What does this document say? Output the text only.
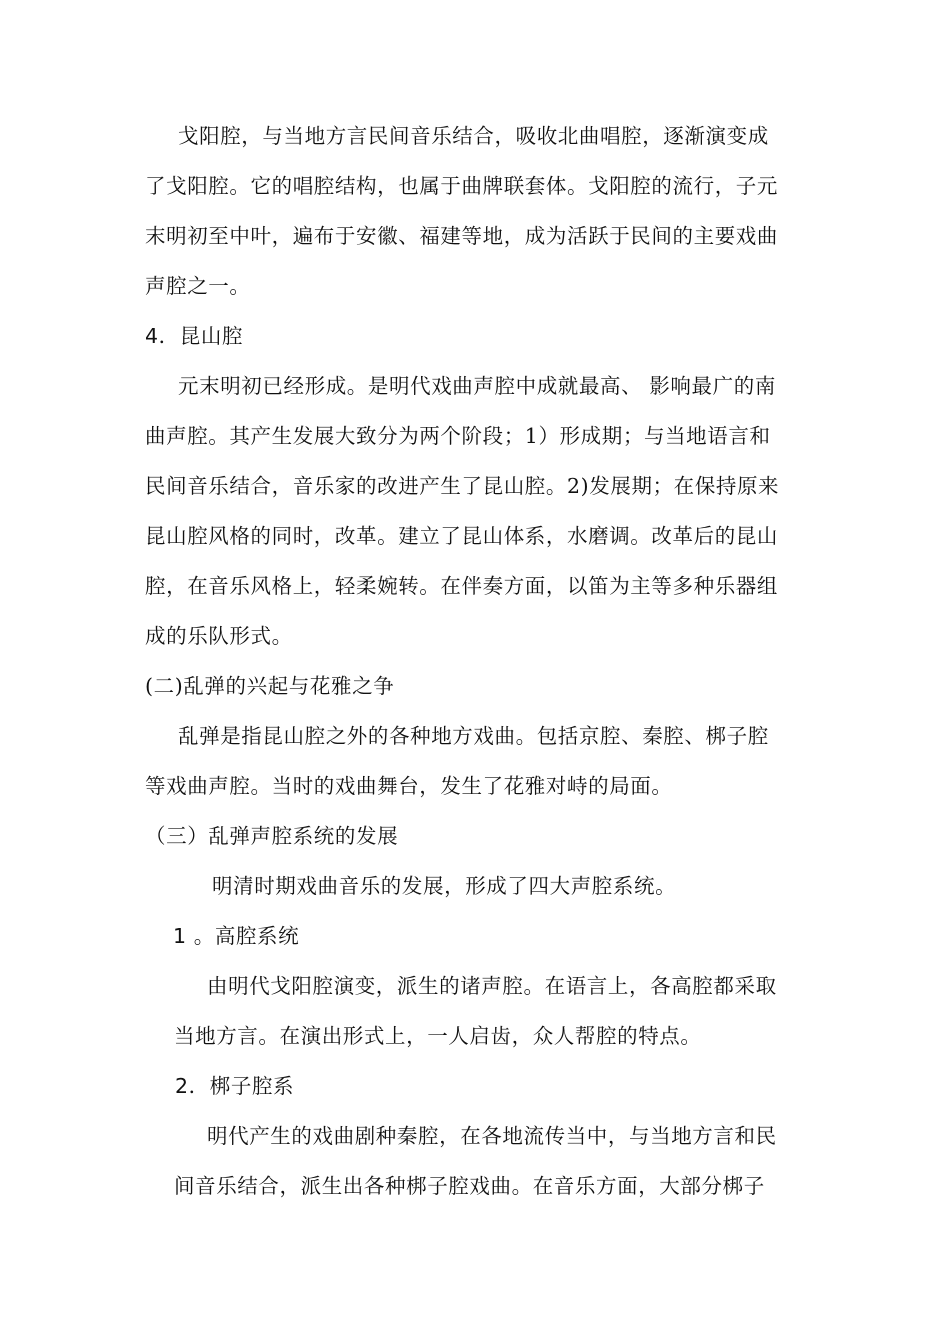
戈阳腔，与当地方言民间音乐结合，吸收北曲唱腔，逐渐演变成
了戈阳腔。它的唱腔结构，也属于曲牌联套体。戈阳腔的流行，子元
末明初至中叶，遍布于安徽、福建等地，成为活跃于民间的主要戏曲
声腔之一。
4．昆山腔
元末明初已经形成。是明代戏曲声腔中成就最高、 影响最广的南
曲声腔。其产生发展大致分为两个阶段；1）形成期；与当地语言和
民间音乐结合，音乐家的改进产生了昆山腔。2)发展期；在保持原来
昆山腔风格的同时，改革。建立了昆山体系，水磨调。改革后的昆山
腔，在音乐风格上，轻柔婉转。在伴奏方面，以笛为主等多种乐器组
成的乐队形式。
(二)乱弹的兴起与花雅之争
乱弹是指昆山腔之外的各种地方戏曲。包括京腔、秦腔、梆子腔
等戏曲声腔。当时的戏曲舞台，发生了花雅对峙的局面。
（三）乱弹声腔系统的发展
明清时期戏曲音乐的发展，形成了四大声腔系统。
1 。高腔系统
由明代戈阳腔演变，派生的诸声腔。在语言上，各高腔都采取
当地方言。在演出形式上，一人启齿，众人帮腔的特点。
2．梆子腔系
明代产生的戏曲剧种秦腔，在各地流传当中，与当地方言和民
间音乐结合，派生出各种梆子腔戏曲。在音乐方面，大部分梆子
